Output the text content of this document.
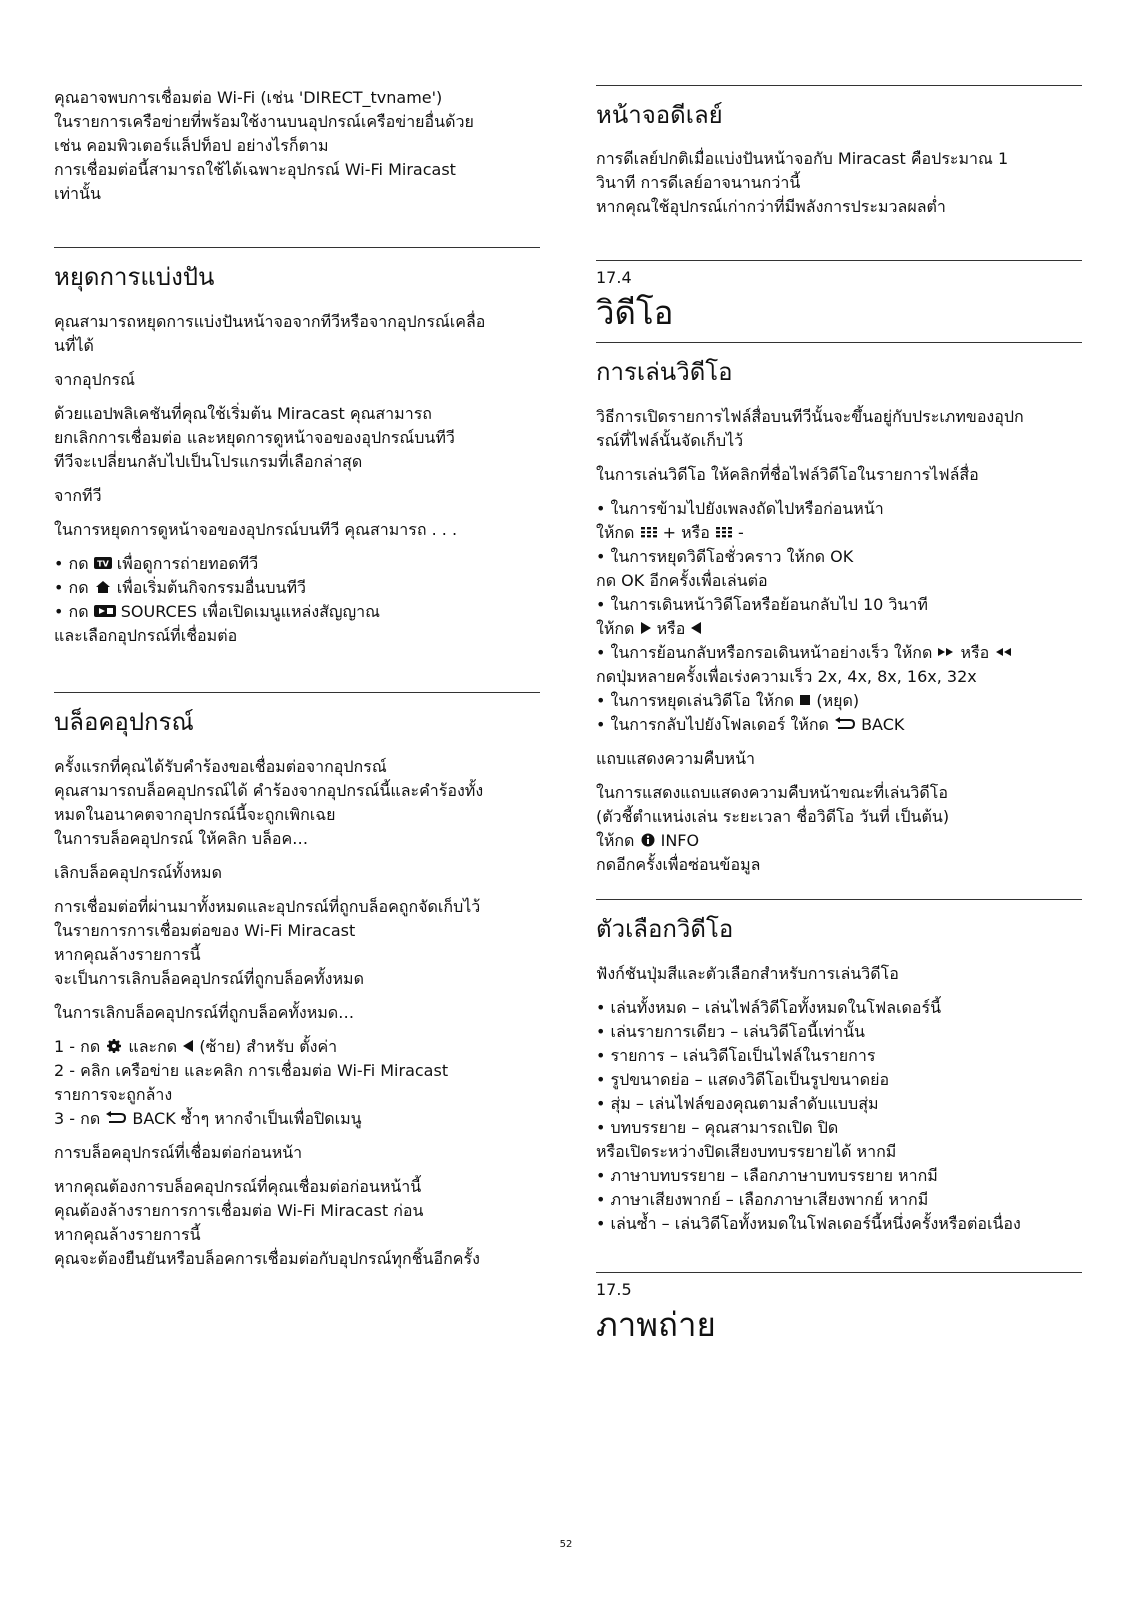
คุณอาจพบการเชื่อมต่อ Wi-Fi (เช่น 'DIRECT_tvname')

ในรายการเครือข่ายที่พร้อมใช้งานบนอุปกรณ์เครือข่ายอื่นด้วย

เช่น คอมพิวเตอร์แล็ปท็อป อย่างไรก็ตาม

การเชื่อมต่อนี้สามารถใช้ได้เฉพาะอุปกรณ์ Wi-Fi Miracast

เท่านั้น

หยุดการแบ่งปัน

คุณสามารถหยุดการแบ่งปันหน้าจอจากทีวีหรือจากอุปกรณ์เคลื่อ

นที่ได้

จากอุปกรณ์

ด้วยแอปพลิเคชันที่คุณใช้เริ่มต้น Miracast คุณสามารถ

ยกเลิกการเชื่อมต่อ และหยุดการดูหน้าจอของอุปกรณ์บนทีวี

ทีวีจะเปลี่ยนกลับไปเป็นโปรแกรมที่เลือกล่าสุด

จากทีวี

ในการหยุดการดูหน้าจอของอุปกรณ์บนทีวี คุณสามารถ . . .

• กด TV เพื่อดูการถ่ายทอดทีวี

• กด  เพื่อเริ่มต้นกิจกรรมอื่นบนทีวี

• กด  SOURCES เพื่อเปิดเมนูแหล่งสัญญาณ

และเลือกอุปกรณ์ที่เชื่อมต่อ

บล็อคอุปกรณ์

ครั้งแรกที่คุณได้รับคำร้องขอเชื่อมต่อจากอุปกรณ์

คุณสามารถบล็อคอุปกรณ์ได้ คำร้องจากอุปกรณ์นี้และคำร้องทั้ง

หมดในอนาคตจากอุปกรณ์นี้จะถูกเพิกเฉย

ในการบล็อคอุปกรณ์ ให้คลิก บล็อค…

เลิกบล็อคอุปกรณ์ทั้งหมด

การเชื่อมต่อที่ผ่านมาทั้งหมดและอุปกรณ์ที่ถูกบล็อคถูกจัดเก็บไว้

ในรายการการเชื่อมต่อของ Wi-Fi Miracast

หากคุณล้างรายการนี้

จะเป็นการเลิกบล็อคอุปกรณ์ที่ถูกบล็อคทั้งหมด

ในการเลิกบล็อคอุปกรณ์ที่ถูกบล็อคทั้งหมด…

1 - กด  และกด  (ซ้าย) สำหรับ ตั้งค่า

2 - คลิก เครือข่าย และคลิก การเชื่อมต่อ Wi-Fi Miracast

รายการจะถูกล้าง

3 - กด  BACK ซ้ำๆ หากจำเป็นเพื่อปิดเมนู

การบล็อคอุปกรณ์ที่เชื่อมต่อก่อนหน้า

หากคุณต้องการบล็อคอุปกรณ์ที่คุณเชื่อมต่อก่อนหน้านี้

คุณต้องล้างรายการการเชื่อมต่อ Wi-Fi Miracast ก่อน

หากคุณล้างรายการนี้

คุณจะต้องยืนยันหรือบล็อคการเชื่อมต่อกับอุปกรณ์ทุกชิ้นอีกครั้ง

หน้าจอดีเลย์

การดีเลย์ปกติเมื่อแบ่งปันหน้าจอกับ Miracast คือประมาณ 1

วินาที การดีเลย์อาจนานกว่านี้

หากคุณใช้อุปกรณ์เก่ากว่าที่มีพลังการประมวลผลต่ำ

17.4
วิดีโอ
การเล่นวิดีโอ

วิธีการเปิดรายการไฟล์สื่อบนทีวีนั้นจะขึ้นอยู่กับประเภทของอุปก

รณ์ที่ไฟล์นั้นจัดเก็บไว้

ในการเล่นวิดีโอ ให้คลิกที่ชื่อไฟล์วิดีโอในรายการไฟล์สื่อ

• ในการข้ามไปยังเพลงถัดไปหรือก่อนหน้า

ให้กด  + หรือ  -

• ในการหยุดวิดีโอชั่วคราว ให้กด OK

กด OK อีกครั้งเพื่อเล่นต่อ

• ในการเดินหน้าวิดีโอหรือย้อนกลับไป 10 วินาที

ให้กด  หรือ

• ในการย้อนกลับหรือกรอเดินหน้าอย่างเร็ว ให้กด  หรือ

กดปุ่มหลายครั้งเพื่อเร่งความเร็ว 2x, 4x, 8x, 16x, 32x

• ในการหยุดเล่นวิดีโอ ให้กด  (หยุด)

• ในการกลับไปยังโฟลเดอร์ ให้กด  BACK

แถบแสดงความคืบหน้า

ในการแสดงแถบแสดงความคืบหน้าขณะที่เล่นวิดีโอ

(ตัวชี้ตำแหน่งเล่น ระยะเวลา ชื่อวิดีโอ วันที่ เป็นต้น)

ให้กด  INFO

กดอีกครั้งเพื่อซ่อนข้อมูล

ตัวเลือกวิดีโอ

ฟังก์ชันปุ่มสีและตัวเลือกสำหรับการเล่นวิดีโอ

• เล่นทั้งหมด – เล่นไฟล์วิดีโอทั้งหมดในโฟลเดอร์นี้

• เล่นรายการเดียว – เล่นวิดีโอนี้เท่านั้น

• รายการ – เล่นวิดีโอเป็นไฟล์ในรายการ

• รูปขนาดย่อ – แสดงวิดีโอเป็นรูปขนาดย่อ

• สุ่ม – เล่นไฟล์ของคุณตามลำดับแบบสุ่ม

• บทบรรยาย – คุณสามารถเปิด ปิด

หรือเปิดระหว่างปิดเสียงบทบรรยายได้ หากมี

• ภาษาบทบรรยาย – เลือกภาษาบทบรรยาย หากมี

• ภาษาเสียงพากย์ – เลือกภาษาเสียงพากย์ หากมี

• เล่นซ้ำ – เล่นวิดีโอทั้งหมดในโฟลเดอร์นี้หนึ่งครั้งหรือต่อเนื่อง

17.5
ภาพถ่าย
52
